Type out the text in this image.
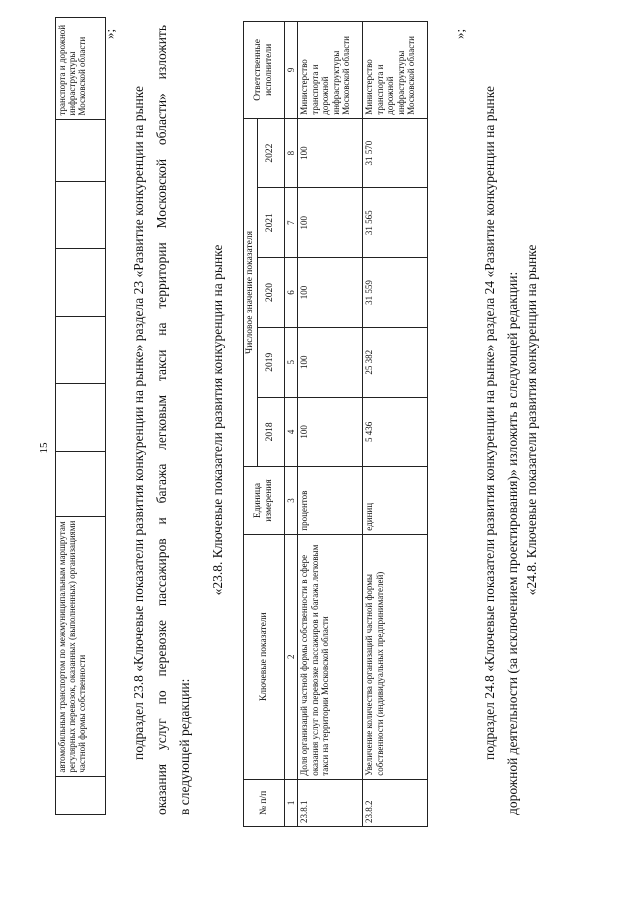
15
	автомобильным транспортом по межмуниципальным маршрутам регулярных перевозок, оказанных (выполненных) организациями частной формы собственности							транспорта и дорожной инфраструктуры Московской области
»;
подраздел 23.8 «Ключевые показатели развития конкуренции на рынке» раздела 23 «Развитие конкуренции на рынке оказания услуг по перевозке пассажиров и багажа легковым такси на территории Московской области» изложить в следующей редакции:
«23.8. Ключевые показатели развития конкуренции на рынке
№ п/п	Ключевые показатели	Единица измерения	Числовое значение показателя					Ответственные исполнители
			2018	2019	2020	2021	2022	
1	2	3	4	5	6	7	8	9
23.8.1	Доля организаций частной формы собственности в сфере оказания услуг по перевозке пассажиров и багажа легковым такси на территории Московской области	процентов	100	100	100	100	100	Министерство транспорта и дорожной инфраструктуры Московской области
23.8.2	Увеличение количества организаций частной формы собственности (индивидуальных предпринимателей)	единиц	5 436	25 382	31 559	31 565	31 570	Министерство транспорта и дорожной инфраструктуры Московской области
»;
подраздел 24.8 «Ключевые показатели развития конкуренции на рынке» раздела 24 «Развитие конкуренции на рынке дорожной деятельности (за исключением проектирования)» изложить в следующей редакции: «24.8. Ключевые показатели развития конкуренции на рынке
